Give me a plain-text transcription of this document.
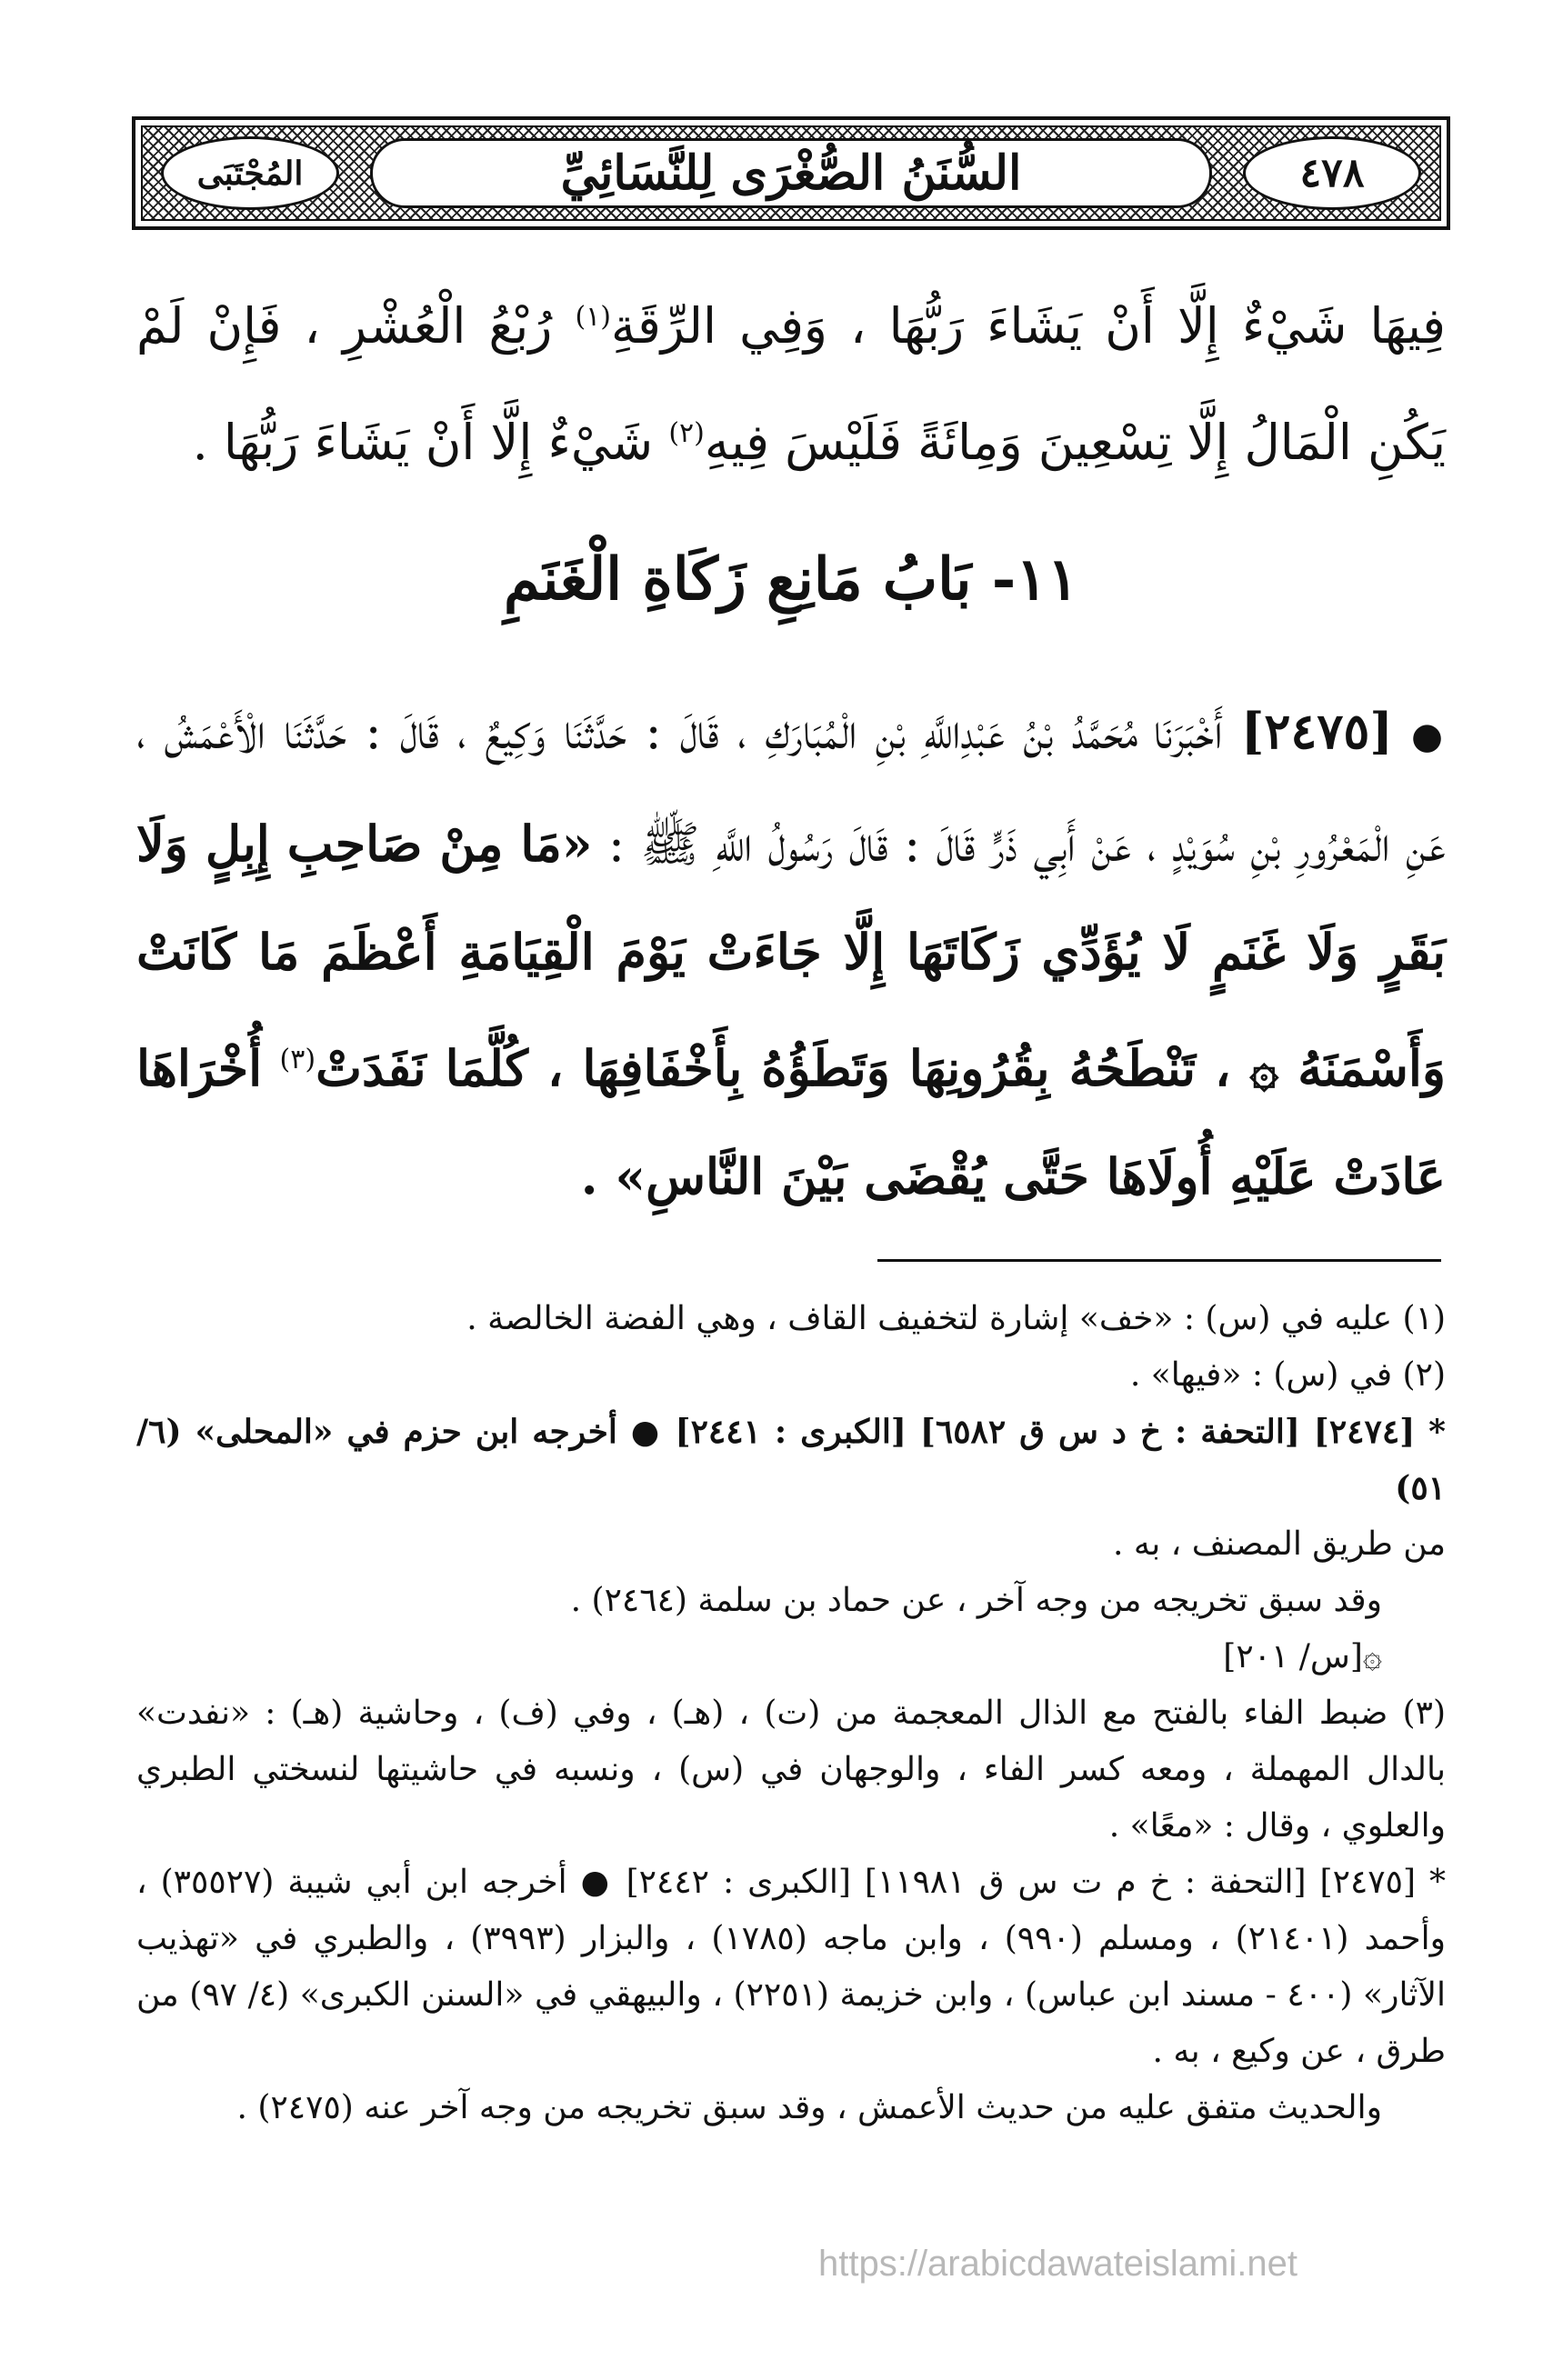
٤٧٨
السُّنَنُ الصُّغْرَى لِلنَّسَائِيِّ
المُجْتَبَى
فِيهَا شَيْءٌ إِلَّا أَنْ يَشَاءَ رَبُّهَا ، وَفِي الرِّقَةِ$^{(١)}$ رُبْعُ الْعُشْرِ ، فَإِنْ لَمْ يَكُنِ الْمَالُ إِلَّا تِسْعِينَ وَمِائَةً فَلَيْسَ فِيهِ$^{(٢)}$ شَيْءٌ إِلَّا أَنْ يَشَاءَ رَبُّهَا .
١١- بَابُ مَانِعِ زَكَاةِ الْغَنَمِ
● [٢٤٧٥] أَخْبَرَنَا مُحَمَّدُ بْنُ عَبْدِاللَّهِ بْنِ الْمُبَارَكِ ، قَالَ : حَدَّثَنَا وَكِيعٌ ، قَالَ : حَدَّثَنَا الْأَعْمَشُ ، عَنِ الْمَعْرُورِ بْنِ سُوَيْدٍ ، عَنْ أَبِي ذَرٍّ قَالَ : قَالَ رَسُولُ اللَّهِ ﷺ : «مَا مِنْ صَاحِبِ إِبِلٍ وَلَا بَقَرٍ وَلَا غَنَمٍ لَا يُؤَدِّي زَكَاتَهَا إِلَّا جَاءَتْ يَوْمَ الْقِيَامَةِ أَعْظَمَ مَا كَانَتْ وَأَسْمَنَهُ ۞ ، تَنْطَحُهُ بِقُرُونِهَا وَتَطَؤُهُ بِأَخْفَافِهَا ، كُلَّمَا نَفَدَتْ$^{(٣)}$ أُخْرَاهَا عَادَتْ عَلَيْهِ أُولَاهَا حَتَّى يُقْضَى بَيْنَ النَّاسِ» .
(١) عليه في (س) : «خف» إشارة لتخفيف القاف ، وهي الفضة الخالصة .
(٢) في (س) : «فيها» .
* [٢٤٧٤] [التحفة : خ د س ق ٦٥٨٢] [الكبرى : ٢٤٤١] ● أخرجه ابن حزم في «المحلى» (٦/ ٥١)
من طريق المصنف ، به .
وقد سبق تخريجه من وجه آخر ، عن حماد بن سلمة (٢٤٦٤) .
۞[س/ ٢٠١]
(٣) ضبط الفاء بالفتح مع الذال المعجمة من (ت) ، (هـ) ، وفي (ف) ، وحاشية (هـ) : «نفدت» بالدال المهملة ، ومعه كسر الفاء ، والوجهان في (س) ، ونسبه في حاشيتها لنسختي الطبري والعلوي ، وقال : «معًا» .
* [٢٤٧٥] [التحفة : خ م ت س ق ١١٩٨١] [الكبرى : ٢٤٤٢] ● أخرجه ابن أبي شيبة (٣٥٥٢٧) ، وأحمد (٢١٤٠١) ، ومسلم (٩٩٠) ، وابن ماجه (١٧٨٥) ، والبزار (٣٩٩٣) ، والطبري في «تهذيب الآثار» (٤٠٠ - مسند ابن عباس) ، وابن خزيمة (٢٢٥١) ، والبيهقي في «السنن الكبرى» (٤/ ٩٧) من طرق ، عن وكيع ، به .
والحديث متفق عليه من حديث الأعمش ، وقد سبق تخريجه من وجه آخر عنه (٢٤٧٥) .
https://arabicdawateislami.net
